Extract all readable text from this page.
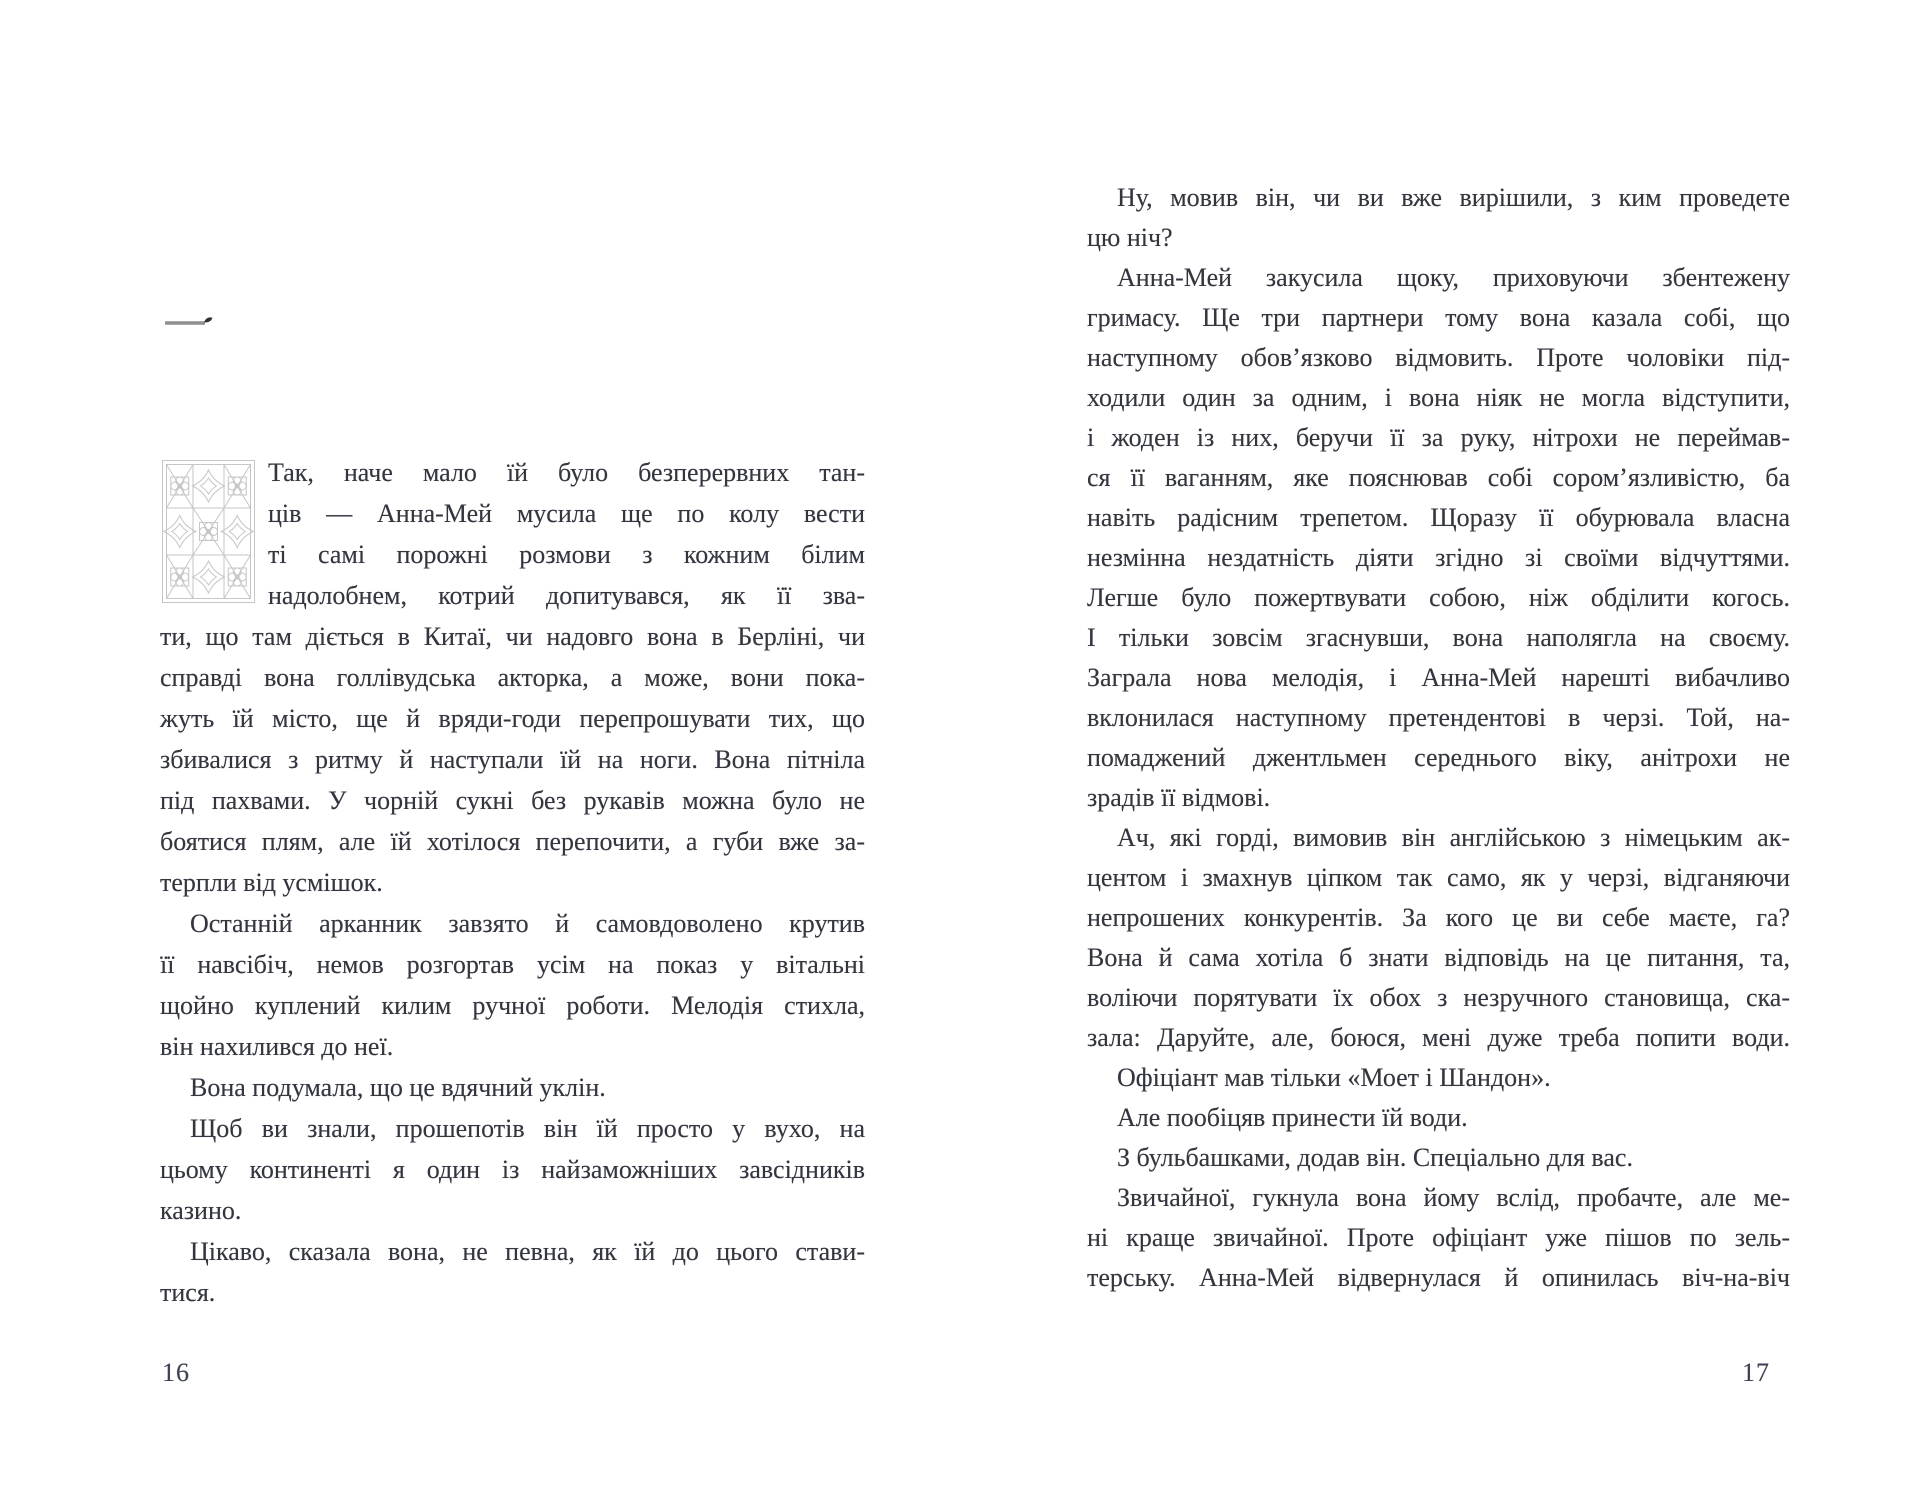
Так, наче мало їй було безперервних тан-
ців — Анна-Мей мусила ще по колу вести
ті самі порожні розмови з кожним білим
надолобнем, котрий допитувався, як її зва-
ти, що там діється в Китаї, чи надовго вона в Берліні, чи
справді вона голлівудська акторка, а може, вони пока-
жуть їй місто, ще й вряди-годи перепрошувати тих, що
збивалися з ритму й наступали їй на ноги. Вона пітніла
під пахвами. У чорній сукні без рукавів можна було не
боятися плям, але їй хотілося перепочити, а губи вже за-
терпли від усмішок.
Останній арканник завзято й самовдоволено крутив
її навсібіч, немов розгортав усім на показ у вітальні
щойно куплений килим ручної роботи. Мелодія стихла,
він нахилився до неї.
Вона подумала, що це вдячний уклін.
Щоб ви знали, прошепотів він їй просто у вухо, на
цьому континенті я один із найзаможніших завсідників
казино.
Цікаво, сказала вона, не певна, як їй до цього стави-
тися.
16
Ну, мовив він, чи ви вже вирішили, з ким проведете
цю ніч?
Анна-Мей закусила щоку, приховуючи збентежену
гримасу. Ще три партнери тому вона казала собі, що
наступному обов’язково відмовить. Проте чоловіки під-
ходили один за одним, і вона ніяк не могла відступити,
і жоден із них, беручи її за руку, нітрохи не переймав-
ся її ваганням, яке пояснював собі сором’язливістю, ба
навіть радісним трепетом. Щоразу її обурювала власна
незмінна нездатність діяти згідно зі своїми відчуттями.
Легше було пожертвувати собою, ніж обділити когось.
І тільки зовсім згаснувши, вона наполягла на своєму.
Заграла нова мелодія, і Анна-Мей нарешті вибачливо
вклонилася наступному претендентові в черзі. Той, на-
помаджений джентльмен середнього віку, анітрохи не
зрадів її відмові.
Ач, які горді, вимовив він англійською з німецьким ак-
центом і змахнув ціпком так само, як у черзі, відганяючи
непрошених конкурентів. За кого це ви себе маєте, га?
Вона й сама хотіла б знати відповідь на це питання, та,
воліючи порятувати їх обох з незручного становища, ска-
зала: Даруйте, але, боюся, мені дуже треба попити води.
Офіціант мав тільки «Моет і Шандон».
Але пообіцяв принести їй води.
З бульбашками, додав він. Спеціально для вас.
Звичайної, гукнула вона йому вслід, пробачте, але ме-
ні краще звичайної. Проте офіціант уже пішов по зель-
терську. Анна-Мей відвернулася й опинилась віч-на-віч
17
